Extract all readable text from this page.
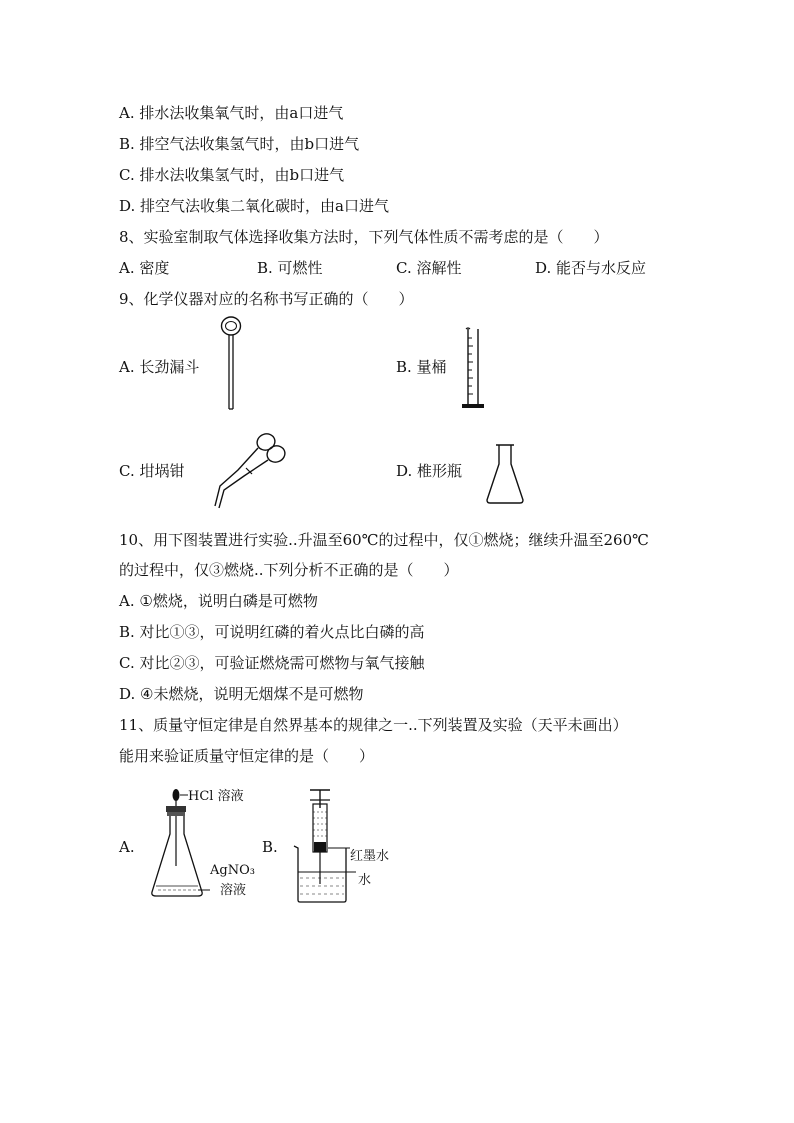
A. 排水法收集氧气时，由a口进气
B. 排空气法收集氢气时，由b口进气
C. 排水法收集氢气时，由b口进气
D. 排空气法收集二氧化碳时，由a口进气
8、实验室制取气体选择收集方法时，下列气体性质不需考虑的是（　　）
A. 密度	B. 可燃性	C. 溶解性	D. 能否与水反应
9、化学仪器对应的名称书写正确的（　　）
A. 长劲漏斗	B. 量桶
C. 坩埚钳	D. 椎形瓶
10、用下图装置进行实验..升温至60℃的过程中，仅①燃烧；继续升温至260℃
的过程中，仅③燃烧..下列分析不正确的是（　　）
A. ①燃烧，说明白磷是可燃物
B. 对比①③，可说明红磷的着火点比白磷的高
C. 对比②③，可验证燃烧需可燃物与氧气接触
D. ④未燃烧，说明无烟煤不是可燃物
11、质量守恒定律是自然界基本的规律之一..下列装置及实验（天平未画出）
能用来验证质量守恒定律的是（　　）
A.	B.
HCl 溶液
AgNO₃
溶液
红墨水
水
